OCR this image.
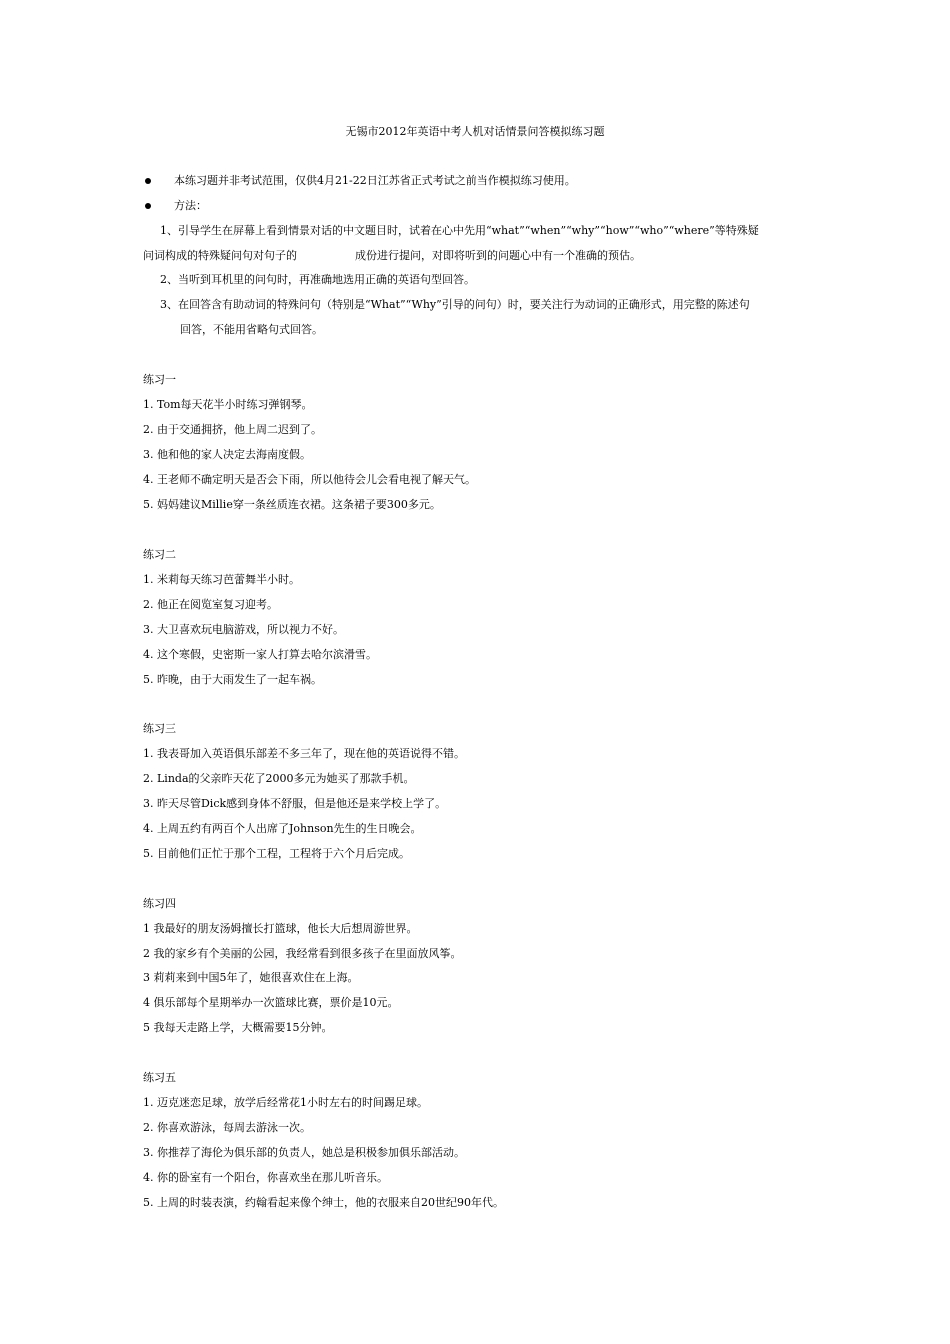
无锡市2012年英语中考人机对话情景问答模拟练习题
本练习题并非考试范围，仅供4月21-22日江苏省正式考试之前当作模拟练习使用。
方法：
1、引导学生在屏幕上看到情景对话的中文题目时，试着在心中先用“what”“when”“why”“how”“who”“where”等特殊疑
问词构成的特殊疑问句对句子的	成份进行提问，对即将听到的问题心中有一个准确的预估。
2、当听到耳机里的问句时，再准确地选用正确的英语句型回答。
3、在回答含有助动词的特殊问句（特别是“What”“Why”引导的问句）时，要关注行为动词的正确形式，用完整的陈述句
回答，不能用省略句式回答。
练习一
1. Tom每天花半小时练习弹钢琴。
2. 由于交通拥挤，他上周二迟到了。
3. 他和他的家人决定去海南度假。
4. 王老师不确定明天是否会下雨，所以他待会儿会看电视了解天气。
5. 妈妈建议Millie穿一条丝质连衣裙。这条裙子要300多元。
练习二
1. 米莉每天练习芭蕾舞半小时。
2. 他正在阅览室复习迎考。
3. 大卫喜欢玩电脑游戏，所以视力不好。
4. 这个寒假，史密斯一家人打算去哈尔滨滑雪。
5. 昨晚，由于大雨发生了一起车祸。
练习三
1. 我表哥加入英语俱乐部差不多三年了，现在他的英语说得不错。
2. Linda的父亲昨天花了2000多元为她买了那款手机。
3. 昨天尽管Dick感到身体不舒服，但是他还是来学校上学了。
4. 上周五约有两百个人出席了Johnson先生的生日晚会。
5. 目前他们正忙于那个工程，工程将于六个月后完成。
练习四
1 我最好的朋友汤姆擅长打篮球，他长大后想周游世界。
2 我的家乡有个美丽的公园，我经常看到很多孩子在里面放风筝。
3 莉莉来到中国5年了，她很喜欢住在上海。
4 俱乐部每个星期举办一次篮球比赛，票价是10元。
5 我每天走路上学，大概需要15分钟。
练习五
1. 迈克迷恋足球，放学后经常花1小时左右的时间踢足球。
2. 你喜欢游泳，每周去游泳一次。
3. 你推荐了海伦为俱乐部的负责人，她总是积极参加俱乐部活动。
4. 你的卧室有一个阳台，你喜欢坐在那儿听音乐。
5. 上周的时装表演，约翰看起来像个绅士，他的衣服来自20世纪90年代。
